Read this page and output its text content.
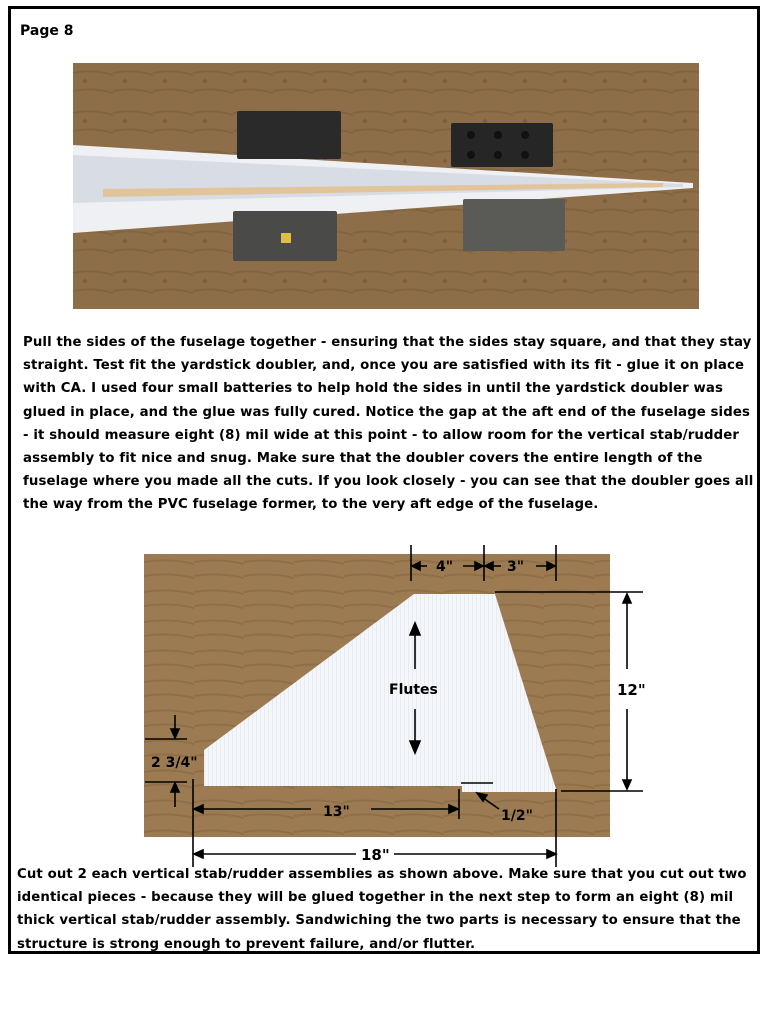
Page 8
Pull the sides of the fuselage together - ensuring that the sides stay square, and that they stay straight. Test fit the yardstick doubler, and, once you are satisfied with its fit - glue it on place with CA. I used four small batteries to help hold the sides in until the yardstick doubler was glued in place, and the glue was fully cured. Notice the gap at the aft end of the fuselage sides - it should measure eight (8) mil wide at this point - to allow room for the vertical stab/rudder assembly to fit nice and snug. Make sure that the doubler covers the entire length of the fuselage where you made all the cuts. If you look closely - you can see that the doubler goes all the way from the PVC fuselage former, to the very aft edge of the fuselage.
4"	3"
12"
Flutes
2 3/4"
13"	1/2"
18"
Cut out 2 each vertical stab/rudder assemblies as shown above. Make sure that you cut out two identical pieces - because they will be glued together in the next step to form an eight (8) mil thick vertical stab/rudder assembly. Sandwiching the two parts is necessary to ensure that the structure is strong enough to prevent failure, and/or flutter.
